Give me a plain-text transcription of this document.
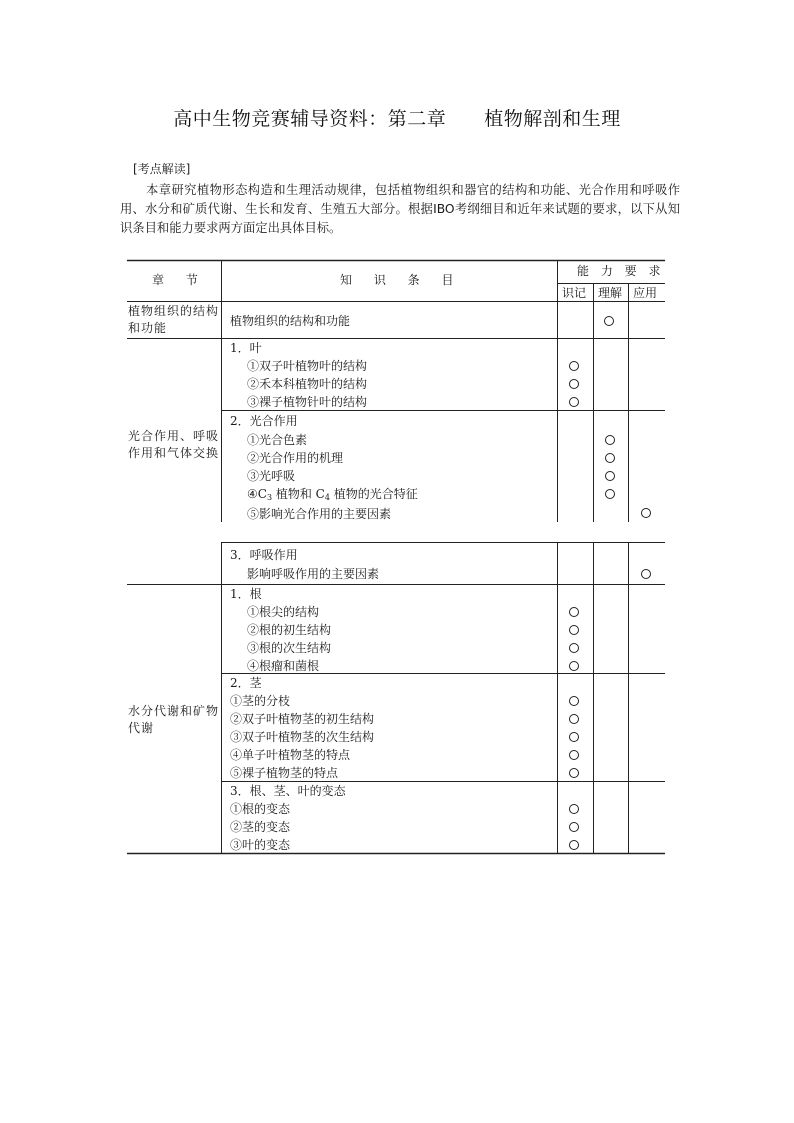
高中生物竞赛辅导资料：第二章 植物解剖和生理
[考点解读]
本章研究植物形态构造和生理活动规律，包括植物组织和器官的结构和功能、光合作用和呼吸作用、水分和矿质代谢、生长和发育、生殖五大部分。根据IBO考纲细目和近年来试题的要求，以下从知识条目和能力要求两方面定出具体目标。
章 节	知 识 条 目
能 力 要 求
识记 理解 应用
植物组织的结构和功能
光合作用、呼吸作用和气体交换
水分代谢和矿物代谢
植物组织的结构和功能
1．叶
①双子叶植物叶的结构
②禾本科植物叶的结构
③裸子植物针叶的结构
2．光合作用
①光合色素
②光合作用的机理
③光呼吸
$④C_3$ 植物和 $C_4$ 植物的光合特征
⑤影响光合作用的主要因素
3．呼吸作用
影响呼吸作用的主要因素
1．根
①根尖的结构
②根的初生结构
③根的次生结构
④根瘤和菌根
2．茎
①茎的分枝
②双子叶植物茎的初生结构
③双子叶植物茎的次生结构
④单子叶植物茎的特点
⑤裸子植物茎的特点
3．根、茎、叶的变态
①根的变态
②茎的变态
③叶的变态
